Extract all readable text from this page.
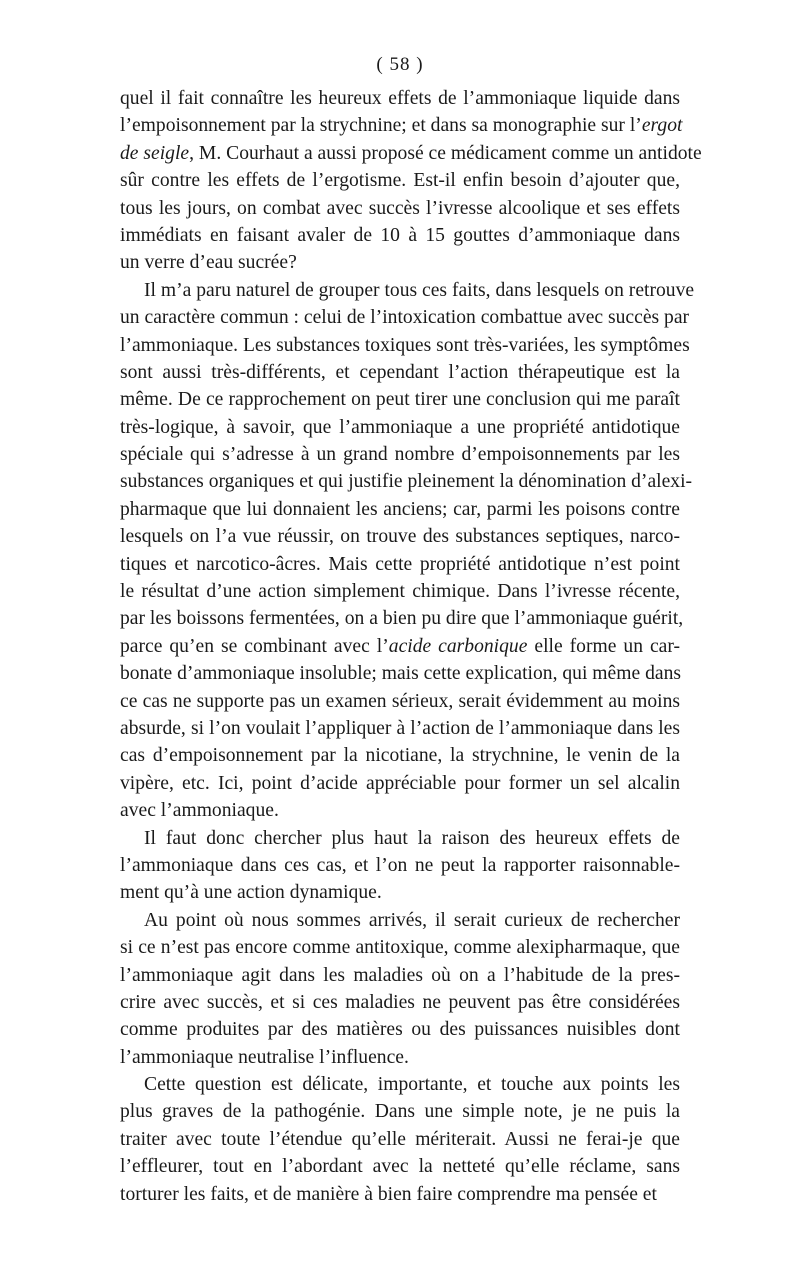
( 58 )
quel il fait connaître les heureux effets de l’ammoniaque liquide dans
l’empoisonnement par la strychnine; et dans sa monographie sur l’ergot
de seigle, M. Courhaut a aussi proposé ce médicament comme un antidote
sûr contre les effets de l’ergotisme. Est-il enfin besoin d’ajouter que,
tous les jours, on combat avec succès l’ivresse alcoolique et ses effets
immédiats en faisant avaler de 10 à 15 gouttes d’ammoniaque dans
un verre d’eau sucrée?
Il m’a paru naturel de grouper tous ces faits, dans lesquels on retrouve
un caractère commun : celui de l’intoxication combattue avec succès par
l’ammoniaque. Les substances toxiques sont très-variées, les symptômes
sont aussi très-différents, et cependant l’action thérapeutique est la
même. De ce rapprochement on peut tirer une conclusion qui me paraît
très-logique, à savoir, que l’ammoniaque a une propriété antidotique
spéciale qui s’adresse à un grand nombre d’empoisonnements par les
substances organiques et qui justifie pleinement la dénomination d’alexi-
pharmaque que lui donnaient les anciens; car, parmi les poisons contre
lesquels on l’a vue réussir, on trouve des substances septiques, narco-
tiques et narcotico-âcres. Mais cette propriété antidotique n’est point
le résultat d’une action simplement chimique. Dans l’ivresse récente,
par les boissons fermentées, on a bien pu dire que l’ammoniaque guérit,
parce qu’en se combinant avec l’acide carbonique elle forme un car-
bonate d’ammoniaque insoluble; mais cette explication, qui même dans
ce cas ne supporte pas un examen sérieux, serait évidemment au moins
absurde, si l’on voulait l’appliquer à l’action de l’ammoniaque dans les
cas d’empoisonnement par la nicotiane, la strychnine, le venin de la
vipère, etc. Ici, point d’acide appréciable pour former un sel alcalin
avec l’ammoniaque.
Il faut donc chercher plus haut la raison des heureux effets de
l’ammoniaque dans ces cas, et l’on ne peut la rapporter raisonnable-
ment qu’à une action dynamique.
Au point où nous sommes arrivés, il serait curieux de rechercher
si ce n’est pas encore comme antitoxique, comme alexipharmaque, que
l’ammoniaque agit dans les maladies où on a l’habitude de la pres-
crire avec succès, et si ces maladies ne peuvent pas être considérées
comme produites par des matières ou des puissances nuisibles dont
l’ammoniaque neutralise l’influence.
Cette question est délicate, importante, et touche aux points les
plus graves de la pathogénie. Dans une simple note, je ne puis la
traiter avec toute l’étendue qu’elle mériterait. Aussi ne ferai-je que
l’effleurer, tout en l’abordant avec la netteté qu’elle réclame, sans
torturer les faits, et de manière à bien faire comprendre ma pensée et
